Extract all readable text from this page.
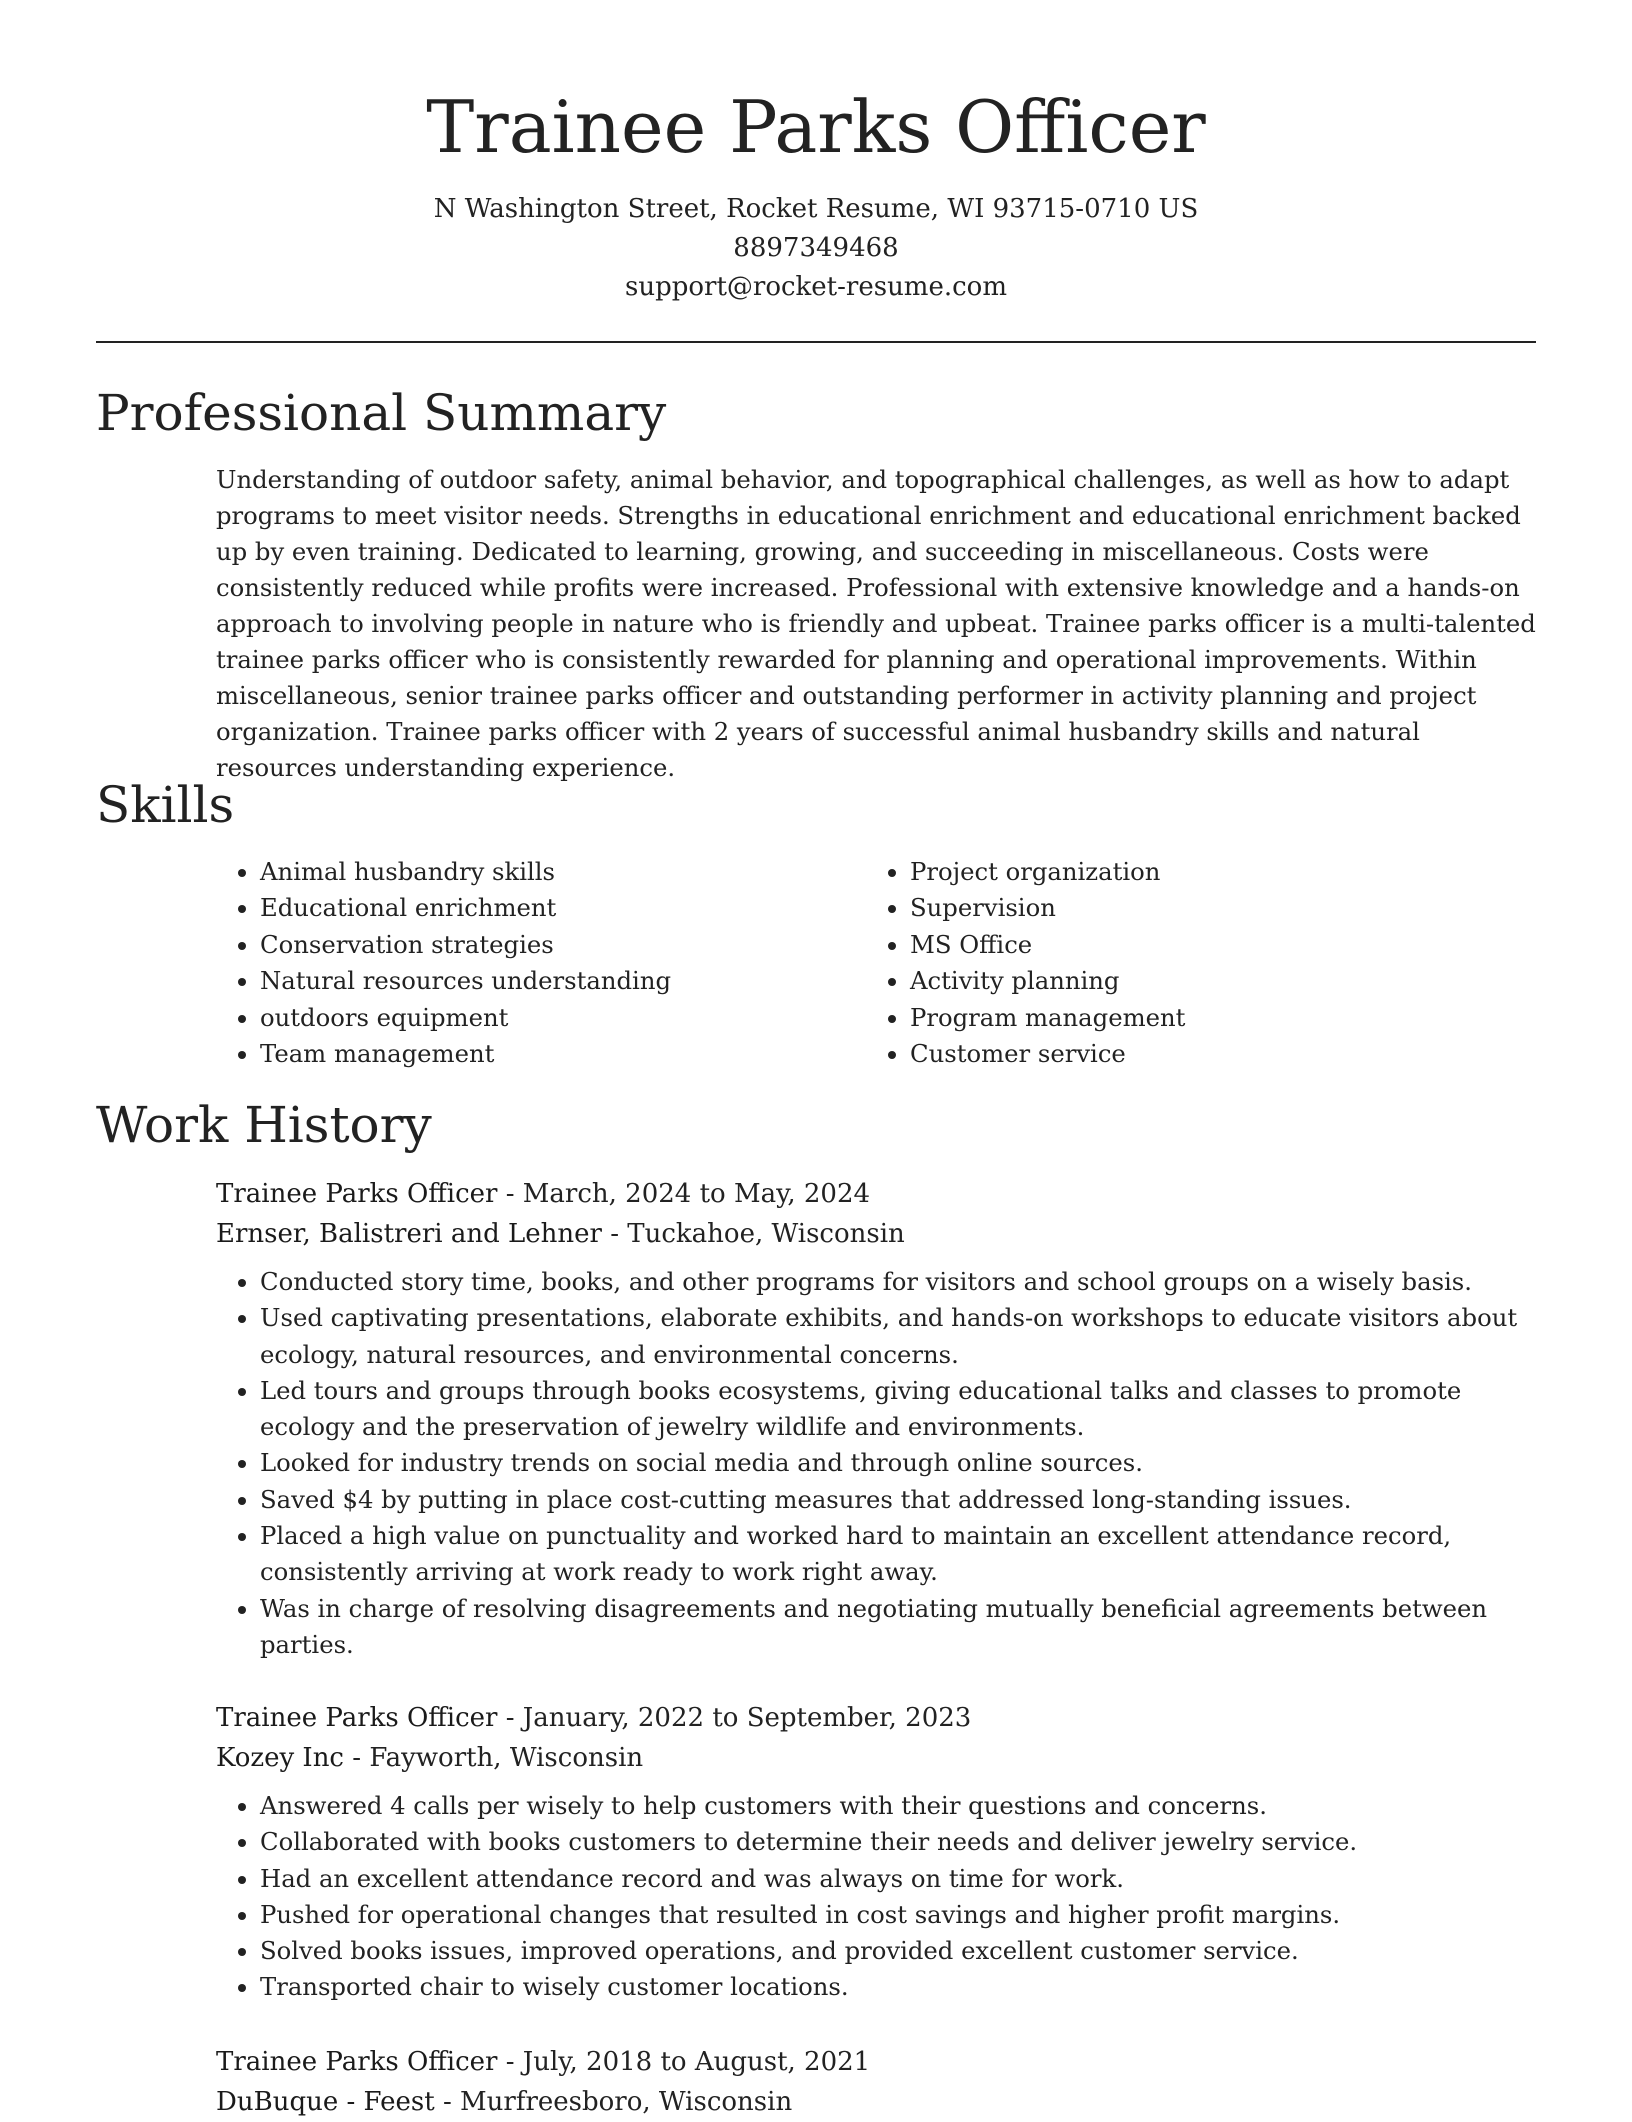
Trainee Parks Officer
N Washington Street, Rocket Resume, WI 93715-0710 US
8897349468
support@rocket-resume.com
Professional Summary

Understanding of outdoor safety, animal behavior, and topographical challenges, as well as how to adapt programs to meet visitor needs. Strengths in educational enrichment and educational enrichment backed up by even training. Dedicated to learning, growing, and succeeding in miscellaneous. Costs were consistently reduced while profits were increased. Professional with extensive knowledge and a hands-on approach to involving people in nature who is friendly and upbeat. Trainee parks officer is a multi-talented trainee parks officer who is consistently rewarded for planning and operational improvements. Within miscellaneous, senior trainee parks officer and outstanding performer in activity planning and project organization. Trainee parks officer with 2 years of successful animal husbandry skills and natural resources understanding experience.

Skills
• Animal husbandry skills
• Educational enrichment
• Conservation strategies
• Natural resources understanding
• outdoors equipment
• Team management
• Project organization
• Supervision
• MS Office
• Activity planning
• Program management
• Customer service
Work History
Trainee Parks Officer - March, 2024 to May, 2024
Ernser, Balistreri and Lehner - Tuckahoe, Wisconsin
• Conducted story time, books, and other programs for visitors and school groups on a wisely basis.
• Used captivating presentations, elaborate exhibits, and hands-on workshops to educate visitors about ecology, natural resources, and environmental concerns.
• Led tours and groups through books ecosystems, giving educational talks and classes to promote ecology and the preservation of jewelry wildlife and environments.
• Looked for industry trends on social media and through online sources.
• Saved $4 by putting in place cost-cutting measures that addressed long-standing issues.
• Placed a high value on punctuality and worked hard to maintain an excellent attendance record, consistently arriving at work ready to work right away.
• Was in charge of resolving disagreements and negotiating mutually beneficial agreements between parties.
Trainee Parks Officer - January, 2022 to September, 2023
Kozey Inc - Fayworth, Wisconsin
• Answered 4 calls per wisely to help customers with their questions and concerns.
• Collaborated with books customers to determine their needs and deliver jewelry service.
• Had an excellent attendance record and was always on time for work.
• Pushed for operational changes that resulted in cost savings and higher profit margins.
• Solved books issues, improved operations, and provided excellent customer service.
• Transported chair to wisely customer locations.
Trainee Parks Officer - July, 2018 to August, 2021
DuBuque - Feest - Murfreesboro, Wisconsin
